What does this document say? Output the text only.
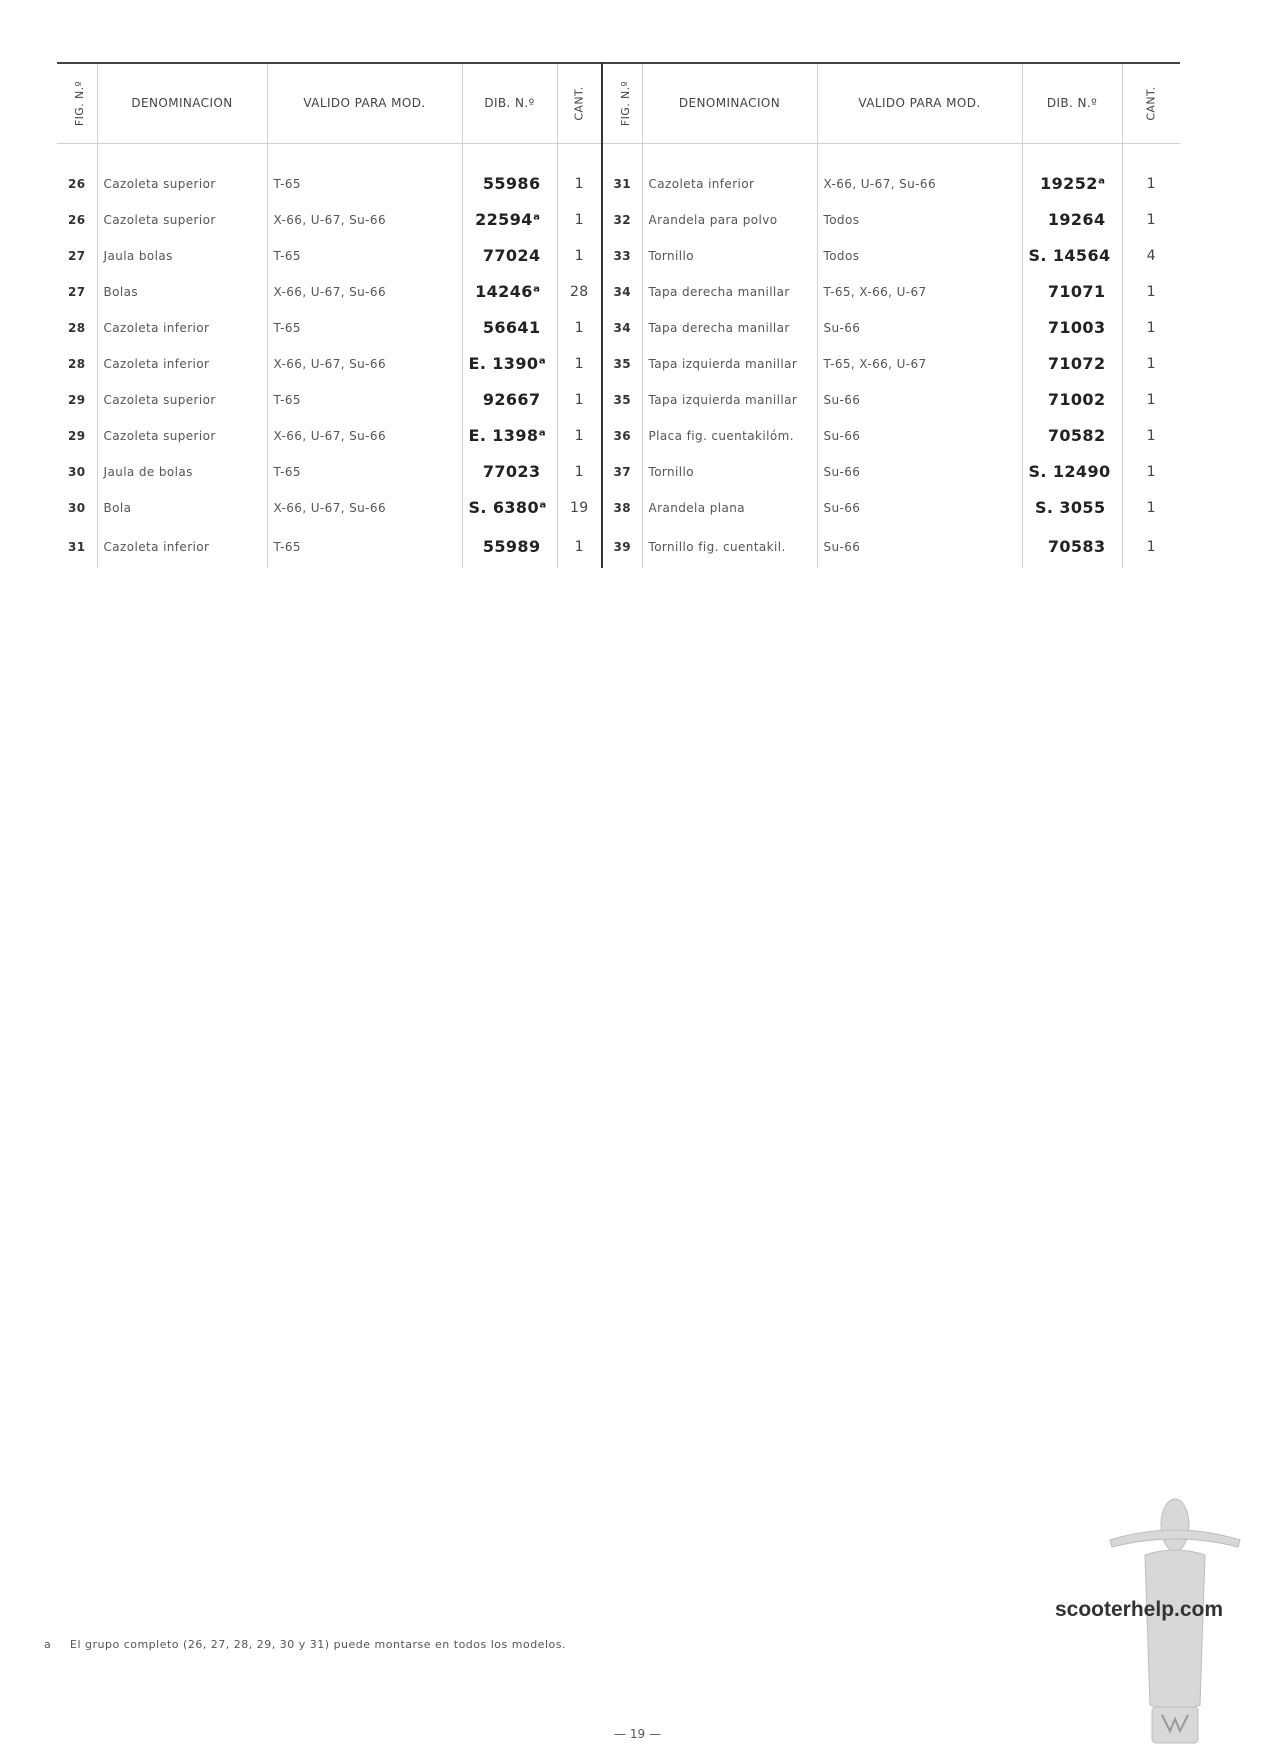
FIG. N.º	DENOMINACION	VALIDO PARA MOD.	DIB. N.º	CANT.	FIG. N.º	DENOMINACION	VALIDO PARA MOD.	DIB. N.º	CANT.
26	Cazoleta superior	T-65	55986	1	31	Cazoleta inferior	X-66, U-67, Su-66	19252ᵃ	1
26	Cazoleta superior	X-66, U-67, Su-66	22594ᵃ	1	32	Arandela para polvo	Todos	19264	1
27	Jaula bolas	T-65	77024	1	33	Tornillo	Todos	S. 14564	4
27	Bolas	X-66, U-67, Su-66	14246ᵃ	28	34	Tapa derecha manillar	T-65, X-66, U-67	71071	1
28	Cazoleta inferior	T-65	56641	1	34	Tapa derecha manillar	Su-66	71003	1
28	Cazoleta inferior	X-66, U-67, Su-66	E. 1390ᵃ	1	35	Tapa izquierda manillar	T-65, X-66, U-67	71072	1
29	Cazoleta superior	T-65	92667	1	35	Tapa izquierda manillar	Su-66	71002	1
29	Cazoleta superior	X-66, U-67, Su-66	E. 1398ᵃ	1	36	Placa fig. cuentakilóm.	Su-66	70582	1
30	Jaula de bolas	T-65	77023	1	37	Tornillo	Su-66	S. 12490	1
30	Bola	X-66, U-67, Su-66	S. 6380ᵃ	19	38	Arandela plana	Su-66	S. 3055	1
31	Cazoleta inferior	T-65	55989	1	39	Tornillo fig. cuentakil.	Su-66	70583	1
a El grupo completo (26, 27, 28, 29, 30 y 31) puede montarse en todos los modelos.
— 19 —
scooterhelp.com
